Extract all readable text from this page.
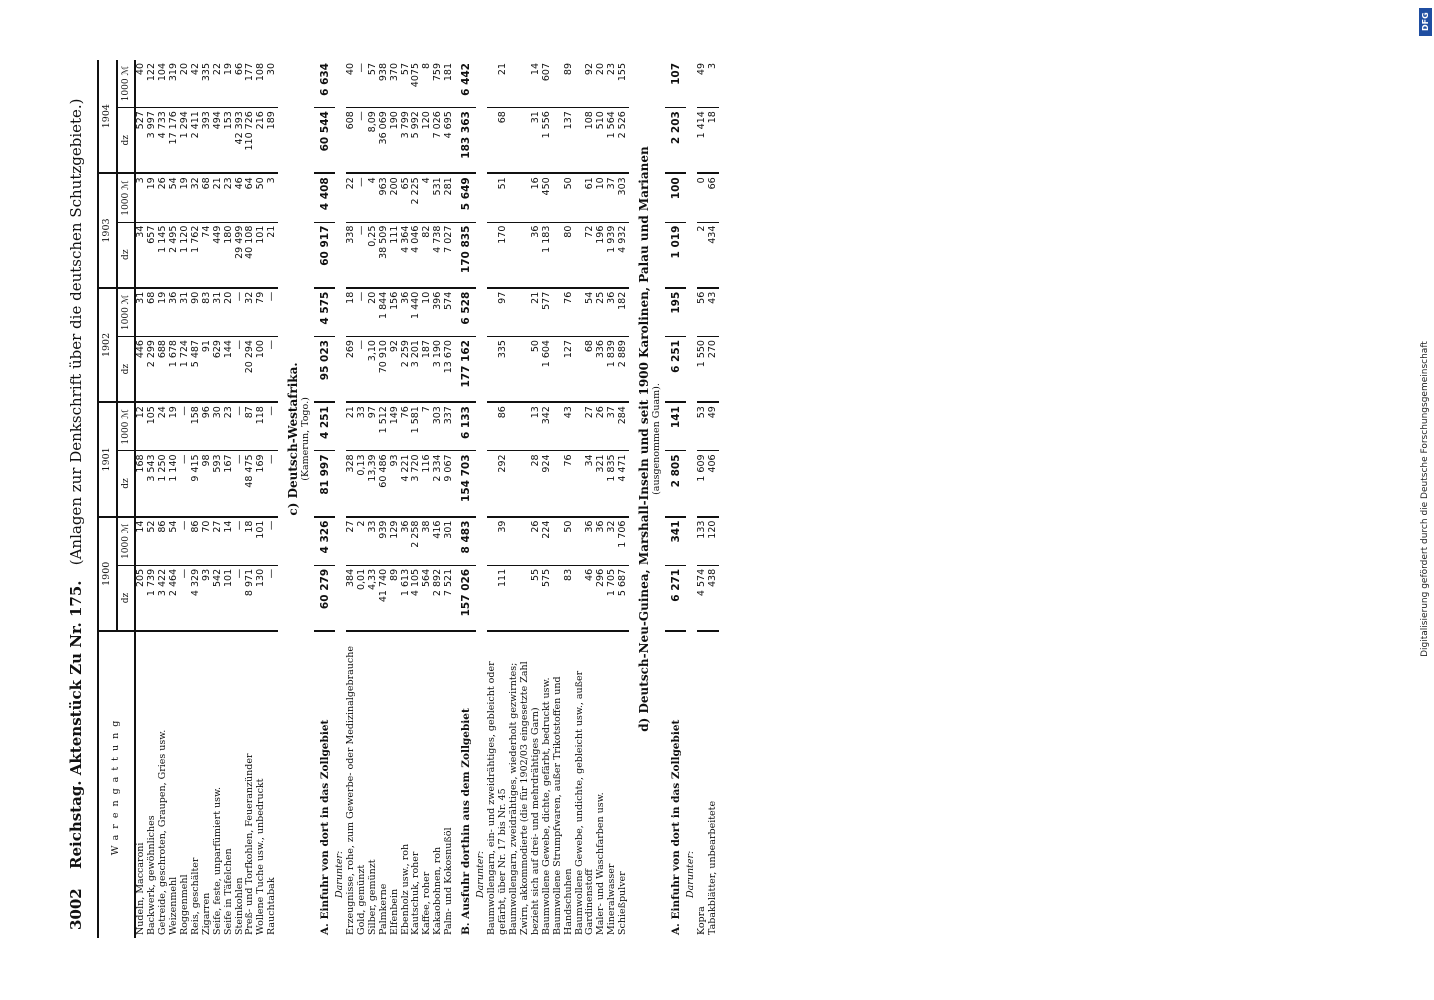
3002 Reichstag. Aktenstück Zu Nr. 175. (Anlagen zur Denkschrift über die deutschen Schutzgebiete.)
Warengattung	1900		1901		1902		1903		1904	
	dz	1000 ℳ	dz	1000 ℳ	dz	1000 ℳ	dz	1000 ℳ	dz	1000 ℳ
Nudeln, Maccaroni	205	14	168	12	446	31	34	3	527	40
Backwerk, gewöhnliches	1 739	52	3 543	105	2 299	68	657	19	3 997	122
Getreide, geschroten, Graupen, Gries usw.	3 422	86	1 250	24	688	19	1 145	26	4 733	104
Weizenmehl	2 464	54	1 140	19	1 678	36	2 495	54	17 176	319
Roggenmehl	—	—	—	—	1 724	31	1 120	19	1 294	20
Reis, geschälter	4 329	86	9 415	158	5 487	90	1 762	32	2 411	42
Zigarren	93	70	98	96	91	83	74	68	393	335
Seife, feste, unparfümiert usw.	542	27	593	30	629	31	449	21	494	22
Seife in Täfelchen	101	14	167	23	144	20	180	23	153	19
Steinkohlen	—	—	—	—	—	—	29 499	46	42 393	66
Preß- und Torfkohlen, Feueranzünder	8 971	18	48 475	87	20 294	32	40 108	64	110 726	177
Wollene Tuche usw., unbedruckt	130	101	169	118	100	79	101	50	216	108
Rauchtabak	—	—	—	—	—	—	21	3	189	30

c) Deutsch-Westafrika. (Kamerun, Togo.)										

A. Einfuhr von dort in das Zollgebiet	60 279	4 326	81 997	4 251	95 023	4 575	60 917	4 408	60 544	6 634
Darunter:										
Erzeugnisse, rohe, zum Gewerbe- oder Medizinalgebrauche	384	27	328	21	269	18	338	22	608	40
Gold, gemünzt	0,01	2	0,13	33	—	—	—	—	—	—
Silber, gemünzt	4,33	33	13,39	97	3,10	20	0,25	4	8,09	57
Palmkerne	41 740	939	60 486	1 512	70 910	1 844	38 509	963	36 069	938
Elfenbein	89	129	93	149	92	156	111	200	190	370
Ebenholz usw., roh	1 613	36	4 221	76	2 259	36	4 364	65	3 799	57
Kautschuk, roher	4 105	2 258	3 720	1 581	3 201	1 440	4 046	2 225	5 992	4075
Kaffee, roher	564	38	116	7	187	10	82	4	120	8
Kakaobohnen, roh	2 892	416	2 334	303	3 190	396	4 738	531	7 026	759
Palm- und Kokosnußöl	7 521	301	9 067	337	13 670	574	7 027	281	4 695	181
B. Ausfuhr dorthin aus dem Zollgebiet	157 026	8 483	154 703	6 133	177 162	6 528	170 835	5 649	183 363	6 442
Darunter:										
Baumwollengarn, ein- und zweidrähtiges, gebleicht oder gefärbt, über Nr. 17 bis Nr. 45	111	39	292	86	335	97	170	51	68	21
Baumwollengarn, zweidrähtiges, wiederholt gezwirntes; Zwirn, akkommodierte (die für 1902/03 eingesetzte Zahl bezieht sich auf drei- und mehrdrähtiges Garn)	55	26	28	13	50	21	36	16	31	14
Baumwollene Gewebe, dichte, gefärbt, bedruckt usw.	575	224	924	342	1 604	577	1 183	450	1 556	607
Baumwollene Strumpfwaren, außer Trikotstoffen und Handschuhen	83	50	76	43	127	76	80	50	137	89
Baumwollene Gewebe, undichte, gebleicht usw., außer Gardinenstoff	46	36	34	27	68	54	72	61	108	92
Maler- und Waschfarben usw.	296	36	321	26	336	25	196	10	510	20
Mineralwasser	1 705	32	1 835	37	1 839	36	1 939	37	1 564	23
Schießpulver	5 687	1 706	4 471	284	2 889	182	4 932	303	2 526	155

d) Deutsch-Neu-Guinea, Marshall-Inseln und seit 1900 Karolinen, Palau und Marianen (ausgenommen Guam).										

A. Einfuhr von dort in das Zollgebiet	6 271	341	2 805	141	6 251	195	1 019	100	2 203	107
Darunter:										
Kopra	4 574	133	1 609	53	1 550	56	2	0	1 414	49
Tabakblätter, unbearbeitete	438	120	406	49	270	43	434	66	18	3
DFG
Digitalisierung gefördert durch die Deutsche Forschungsgemeinschaft
